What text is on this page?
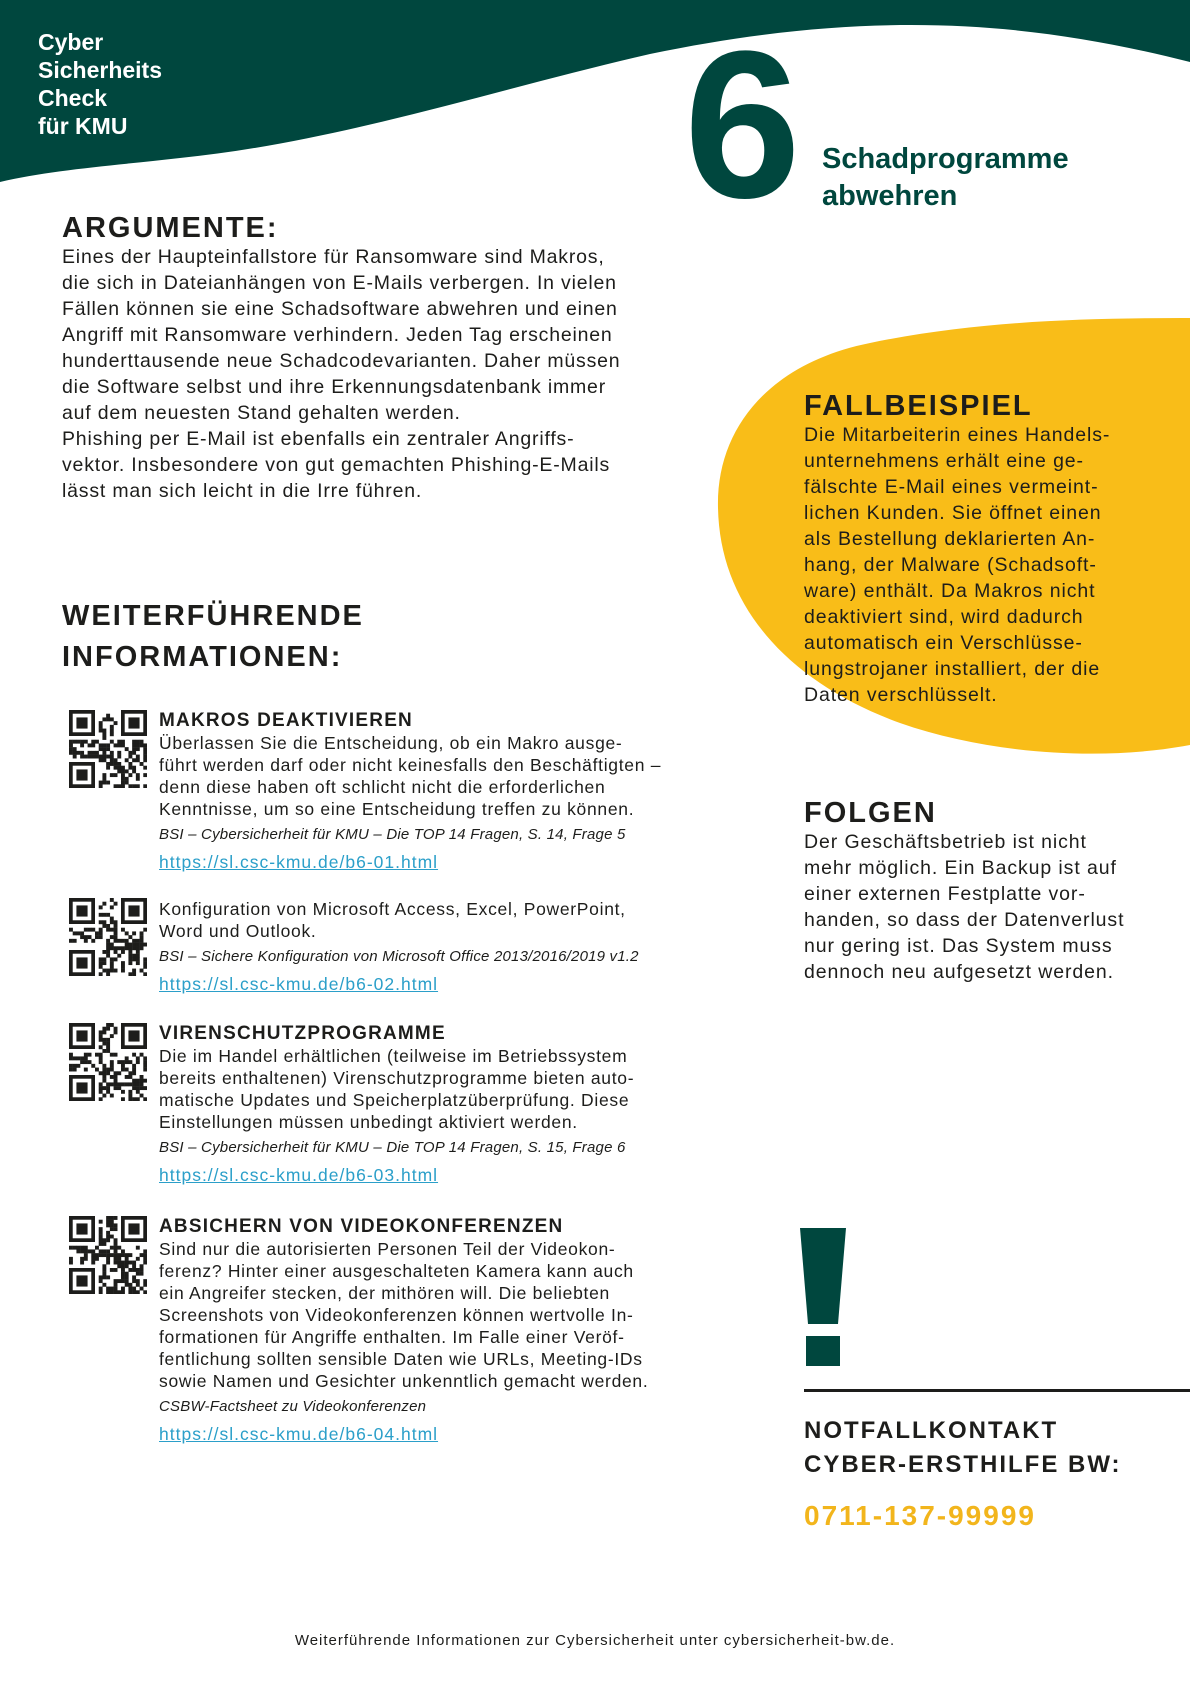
Cyber
Sicherheits
Check
für KMU	6 Schadprogramme
abwehren
ARGUMENTE:
Eines der Haupteinfallstore für Ransomware sind Makros,
die sich in Dateianhängen von E-Mails verbergen. In vielen
Fällen können sie eine Schadsoftware abwehren und einen
Angriff mit Ransomware verhindern. Jeden Tag erscheinen
hunderttausende neue Schadcodevarianten. Daher müssen
die Software selbst und ihre Erkennungsdatenbank immer
auf dem neuesten Stand gehalten werden.
Phishing per E-Mail ist ebenfalls ein zentraler Angriffs-
vektor. Insbesondere von gut gemachten Phishing-E-Mails
lässt man sich leicht in die Irre führen.
WEITERFÜHRENDE
INFORMATIONEN:
MAKROS DEAKTIVIEREN
Überlassen Sie die Entscheidung, ob ein Makro ausge-
führt werden darf oder nicht keinesfalls den Beschäftigten –
denn diese haben oft schlicht nicht die erforderlichen
Kenntnisse, um so eine Entscheidung treffen zu können.
BSI – Cybersicherheit für KMU – Die TOP 14 Fragen, S. 14, Frage 5
https://sl.csc-kmu.de/b6-01.html
Konfiguration von Microsoft Access, Excel, PowerPoint,
Word und Outlook.
BSI – Sichere Konfiguration von Microsoft Office 2013/2016/2019 v1.2
https://sl.csc-kmu.de/b6-02.html
VIRENSCHUTZPROGRAMME
Die im Handel erhältlichen (teilweise im Betriebssystem
bereits enthaltenen) Virenschutzprogramme bieten auto-
matische Updates und Speicherplatzüberprüfung. Diese
Einstellungen müssen unbedingt aktiviert werden.
BSI – Cybersicherheit für KMU – Die TOP 14 Fragen, S. 15, Frage 6
https://sl.csc-kmu.de/b6-03.html
ABSICHERN VON VIDEOKONFERENZEN
Sind nur die autorisierten Personen Teil der Videokon-
ferenz? Hinter einer ausgeschalteten Kamera kann auch
ein Angreifer stecken, der mithören will. Die beliebten
Screenshots von Videokonferenzen können wertvolle In-
formationen für Angriffe enthalten. Im Falle einer Veröf-
fentlichung sollten sensible Daten wie URLs, Meeting-IDs
sowie Namen und Gesichter unkenntlich gemacht werden.
CSBW-Factsheet zu Videokonferenzen
https://sl.csc-kmu.de/b6-04.html
FALLBEISPIEL
Die Mitarbeiterin eines Handels-
unternehmens erhält eine ge-
fälschte E-Mail eines vermeint-
lichen Kunden. Sie öffnet einen
als Bestellung deklarierten An-
hang, der Malware (Schadsoft-
ware) enthält. Da Makros nicht
deaktiviert sind, wird dadurch
automatisch ein Verschlüsse-
lungstrojaner installiert, der die
Daten verschlüsselt.
FOLGEN
Der Geschäftsbetrieb ist nicht
mehr möglich. Ein Backup ist auf
einer externen Festplatte vor-
handen, so dass der Datenverlust
nur gering ist. Das System muss
dennoch neu aufgesetzt werden.
NOTFALLKONTAKT
CYBER-ERSTHILFE BW:
0711-137-99999
Weiterführende Informationen zur Cybersicherheit unter cybersicherheit-bw.de.
